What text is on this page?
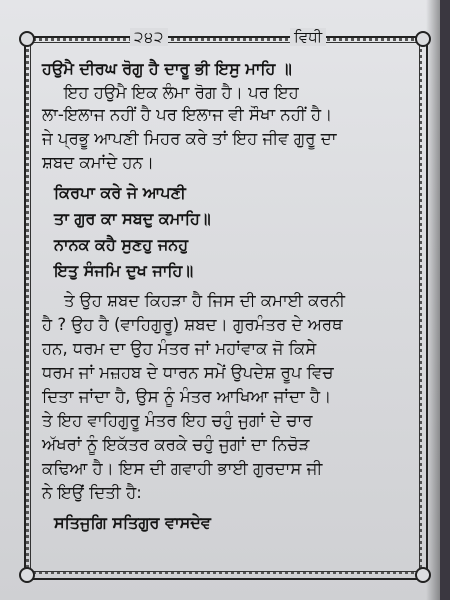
੨੪੨	ਵਿਧੀ
ਹਉਮੈ ਦੀਰਘ ਰੋਗੁ ਹੈ ਦਾਰੂ ਭੀ ਇਸੁ ਮਾਹਿ ॥
ਇਹ ਹਉਮੈ ਇਕ ਲੰਮਾ ਰੋਗ ਹੈ। ਪਰ ਇਹ
ਲਾ-ਇਲਾਜ ਨਹੀਂ ਹੈ ਪਰ ਇਲਾਜ ਵੀ ਸੌਖਾ ਨਹੀਂ ਹੈ।
ਜੇ ਪ੍ਰਭੂ ਆਪਣੀ ਮਿਹਰ ਕਰੇ ਤਾਂ ਇਹ ਜੀਵ ਗੁਰੂ ਦਾ
ਸ਼ਬਦ ਕਮਾਂਦੇ ਹਨ।
ਕਿਰਪਾ ਕਰੇ ਜੇ ਆਪਣੀ
ਤਾ ਗੁਰ ਕਾ ਸਬਦੁ ਕਮਾਹਿ॥
ਨਾਨਕ ਕਹੈ ਸੁਣਹੁ ਜਨਹੁ
ਇਤੁ ਸੰਜਮਿ ਦੁਖ ਜਾਹਿ॥
ਤੇ ਉਹ ਸ਼ਬਦ ਕਿਹੜਾ ਹੈ ਜਿਸ ਦੀ ਕਮਾਈ ਕਰਨੀ
ਹੈ ? ਉਹ ਹੈ (ਵਾਹਿਗੁਰੂ) ਸ਼ਬਦ। ਗੁਰਮੰਤਰ ਦੇ ਅਰਥ
ਹਨ, ਧਰਮ ਦਾ ਉਹ ਮੰਤਰ ਜਾਂ ਮਹਾਂਵਾਕ ਜੋ ਕਿਸੇ
ਧਰਮ ਜਾਂ ਮਜ਼ਹਬ ਦੇ ਧਾਰਨ ਸਮੇਂ ਉਪਦੇਸ਼ ਰੂਪ ਵਿਚ
ਦਿਤਾ ਜਾਂਦਾ ਹੈ, ਉਸ ਨੂੰ ਮੰਤਰ ਆਖਿਆ ਜਾਂਦਾ ਹੈ।
ਤੇ ਇਹ ਵਾਹਿਗੁਰੂ ਮੰਤਰ ਇਹ ਚਹੁੰ ਜੁਗਾਂ ਦੇ ਚਾਰ
ਅੱਖਰਾਂ ਨੂੰ ਇਕੱਤਰ ਕਰਕੇ ਚਹੁੰ ਜੁਗਾਂ ਦਾ ਨਿਚੋੜ
ਕਢਿਆ ਹੈ। ਇਸ ਦੀ ਗਵਾਹੀ ਭਾਈ ਗੁਰਦਾਸ ਜੀ
ਨੇ ਇਉਂ ਦਿਤੀ ਹੈ:
ਸਤਿਜੁਗਿ ਸਤਿਗੁਰ ਵਾਸਦੇਵ
